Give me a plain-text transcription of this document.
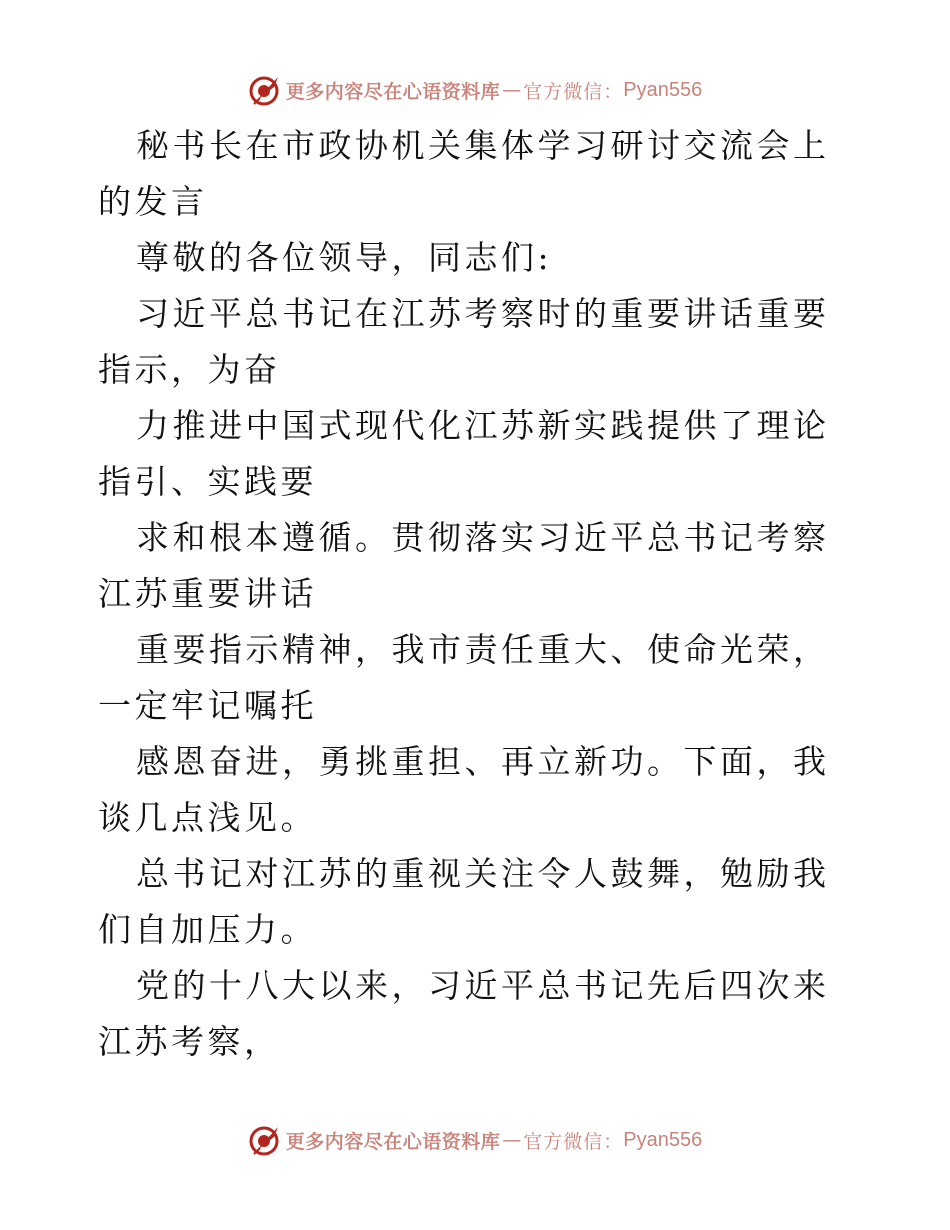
更多内容尽在心语资料库 — 官方微信： Pyan556

秘书长在市政协机关集体学习研讨交流会上的发言

尊敬的各位领导，同志们:

习近平总书记在江苏考察时的重要讲话重要指示，为奋

力推进中国式现代化江苏新实践提供了理论指引、实践要

求和根本遵循。贯彻落实习近平总书记考察江苏重要讲话

重要指示精神，我市责任重大、使命光荣，一定牢记嘱托

感恩奋进，勇挑重担、再立新功。下面，我谈几点浅见。

总书记对江苏的重视关注令人鼓舞，勉励我们自加压力。

党的十八大以来，习近平总书记先后四次来江苏考察，

更多内容尽在心语资料库 — 官方微信： Pyan556
